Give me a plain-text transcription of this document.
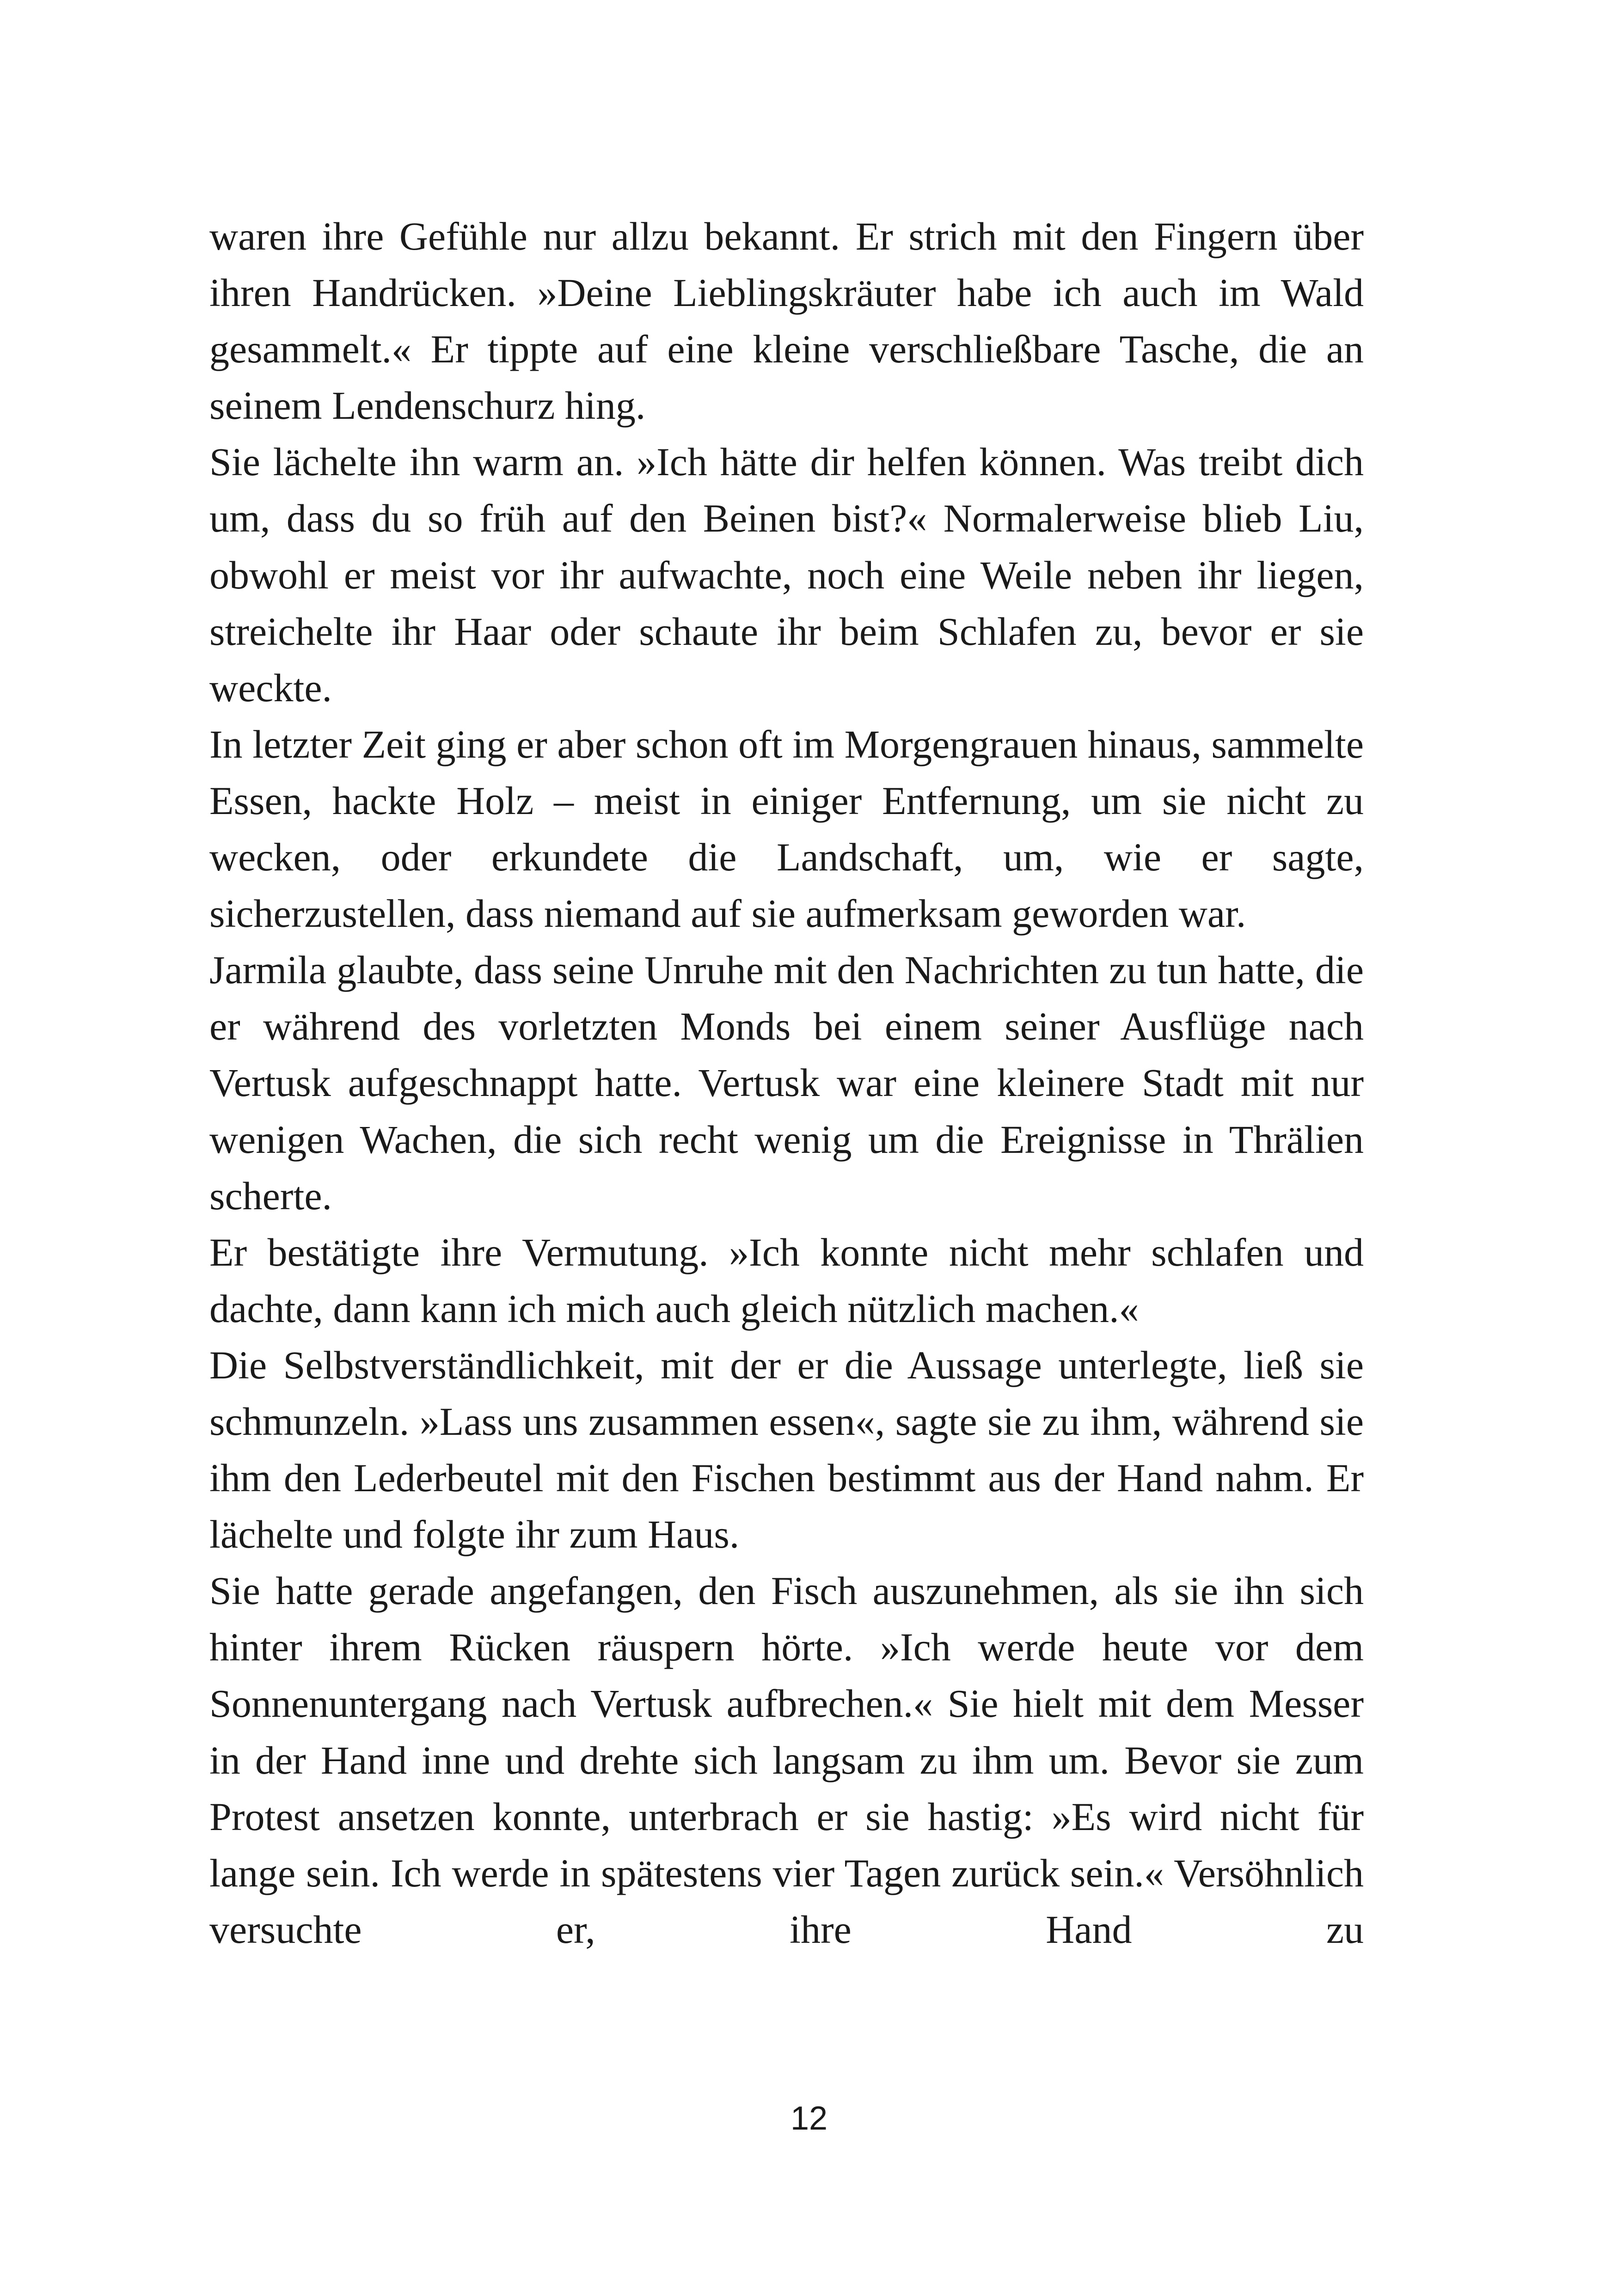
waren ihre Gefühle nur allzu bekannt. Er strich mit den Fingern über ihren Handrücken. »Deine Lieblingskräuter habe ich auch im Wald gesammelt.« Er tippte auf eine kleine verschließbare Tasche, die an seinem Lendenschurz hing.

Sie lächelte ihn warm an. »Ich hätte dir helfen können. Was treibt dich um, dass du so früh auf den Beinen bist?« Normalerweise blieb Liu, obwohl er meist vor ihr aufwachte, noch eine Weile neben ihr liegen, streichelte ihr Haar oder schaute ihr beim Schlafen zu, bevor er sie weckte.

In letzter Zeit ging er aber schon oft im Morgengrauen hinaus, sammelte Essen, hackte Holz – meist in einiger Entfernung, um sie nicht zu wecken, oder erkundete die Landschaft, um, wie er sagte, sicherzustellen, dass niemand auf sie aufmerksam geworden war.

Jarmila glaubte, dass seine Unruhe mit den Nachrichten zu tun hatte, die er während des vorletzten Monds bei einem seiner Ausflüge nach Vertusk aufgeschnappt hatte. Vertusk war eine kleinere Stadt mit nur wenigen Wachen, die sich recht wenig um die Ereignisse in Thrälien scherte.

Er bestätigte ihre Vermutung. »Ich konnte nicht mehr schlafen und dachte, dann kann ich mich auch gleich nützlich machen.«

Die Selbstverständlichkeit, mit der er die Aussage unterlegte, ließ sie schmunzeln. »Lass uns zusammen essen«, sagte sie zu ihm, während sie ihm den Lederbeutel mit den Fischen bestimmt aus der Hand nahm. Er lächelte und folgte ihr zum Haus.

Sie hatte gerade angefangen, den Fisch auszunehmen, als sie ihn sich hinter ihrem Rücken räuspern hörte. »Ich werde heute vor dem Sonnenuntergang nach Vertusk aufbrechen.« Sie hielt mit dem Messer in der Hand inne und drehte sich langsam zu ihm um. Bevor sie zum Protest ansetzen konnte, unterbrach er sie hastig: »Es wird nicht für lange sein. Ich werde in spätestens vier Tagen zurück sein.« Versöhnlich versuchte er, ihre Hand zu

12
